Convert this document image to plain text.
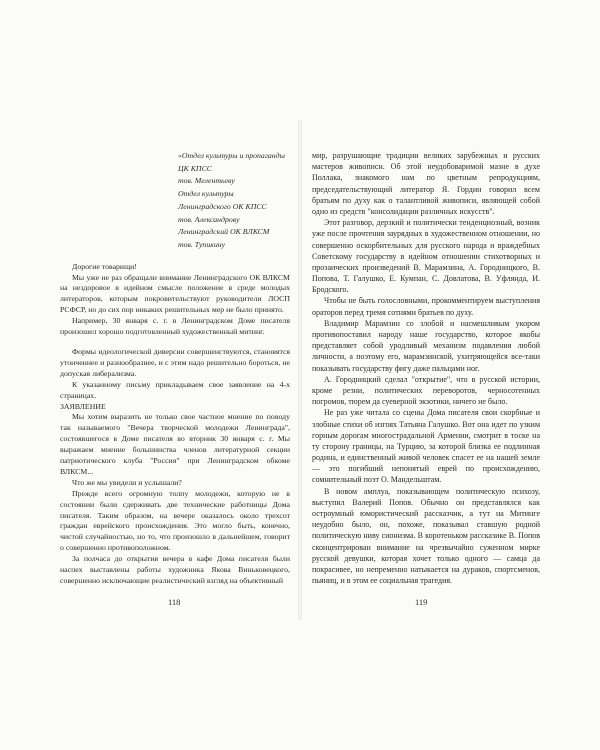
«Отдел культуры и пропаганды
ЦК КПСС
тов. Мелентьеву
Отдел культуры
Ленинградского ОК КПСС
тов. Александрову
Ленинградский ОК ВЛКСМ
тов. Тупикину

Дорогие товарищи!

Мы уже не раз обращали внимание Ленинградского ОК ВЛКСМ на нездоровое в идейном смысле положение в среде молодых литераторов, которым покровительствуют руководители ЛОСП РСФСР, но до сих пор никаких решительных мер не было принято.

Например, 30 января с. г. в Ленинградском Доме писателя произошел хорошо подготовленный художественный митинг.

Формы идеологической диверсии совершенствуются, становятся утонченнее и разнообразнее, и с этим надо решительно бороться, не допуская либерализма.

К указанному письму прикладываем свое заявление на 4-х страницах.

ЗАЯВЛЕНИЕ

Мы хотим выразить не только свое частное мнение по поводу так называемого "Вечера творческой молодежи Ленинграда", состоявшегося в Доме писателя во вторник 30 января с. г. Мы выражаем мнение большинства членов литературной секции патриотического клуба "Россия" при Ленинградском обкоме ВЛКСМ...

Что же мы увидели и услышали?

Прежде всего огромную толпу молодежи, которую не в состоянии были сдерживать две технические работницы Дома писателя. Таким образом, на вечере оказалось около трехсот граждан еврейского происхождения. Это могло быть, конечно, чистой случайностью, но то, что произошло в дальнейшем, говорит о совершенно противоположном.

За полчаса до открытия вечера в кафе Дома писателя были наспех выставлены работы художника Якова Виньковецкого, совершенно исключающие реалистический взгляд на объективный

мир, разрушающие традиции великих зарубежных и русских мастеров живописи. Об этой неудобоваримой мазне в духе Поллака, знакомого нам по цветным репродукциям, председательствующий литератор Я. Гордин говорил всем братьям по духу как о талантливой живописи, являющей собой одно из средств "консолидации различных искусств".

Этот разговор, дерзкий и политически тенденциозный, возник уже после прочтения заурядных в художественном отношении, но совершенно оскорбительных для русского народа и враждебных Советскому государству в идейном отношении стихотворных и прозаических произведений В. Марамзина, А. Городницкого, В. Попова, Т. Галушко, Е. Кумпан, С. Довлатова, В. Уфлянда, И. Бродского.

Чтобы не быть голословными, прокомментируем выступления ораторов перед тремя сотнями братьев по духу.

Владимир Марамзин со злобой и насмешливым укором противопоставил народу наше государство, которое якобы представляет собой уродливый механизм подавления любой личности, а поэтому его, марамзинской, ухитряющейся все-таки показывать государству фигу даже пальцами ног.

А. Городницкий сделал "открытие", что в русской истории, кроме резни, политических переворотов, черносотенных погромов, тюрем да суеверной экзотики, ничего не было.

Не раз уже читала со сцены Дома писателя свои скорбные и злобные стихи об изгоях Татьяна Галушко. Вот она идет по узким горным дорогам многострадальной Армении, смотрит в тоске на ту сторону границы, на Турцию, за которой близка ее подлинная родина, и единственный живой человек спасет ее на нашей земле — это погибший непонятый еврей по происхождению, сомнительный поэт О. Мандельштам.

В новом амплуа, показывающем политическую психозу, выступил Валерий Попов. Обычно он представлялся как остроумный юмористический рассказчик, а тут на Митинге неудобно было, он, похоже, показывал ставшую родной политическую ниву сионизма. В коротеньком рассказике В. Попов сконцентрирован внимание на чрезвычайно суженном мирке русской девушки, которая хочет только одного — самца да покрасивее, но непременно натыкается на дураков, спортсменов, пьяниц, и в этом ее социальная трагедия.

118	119
